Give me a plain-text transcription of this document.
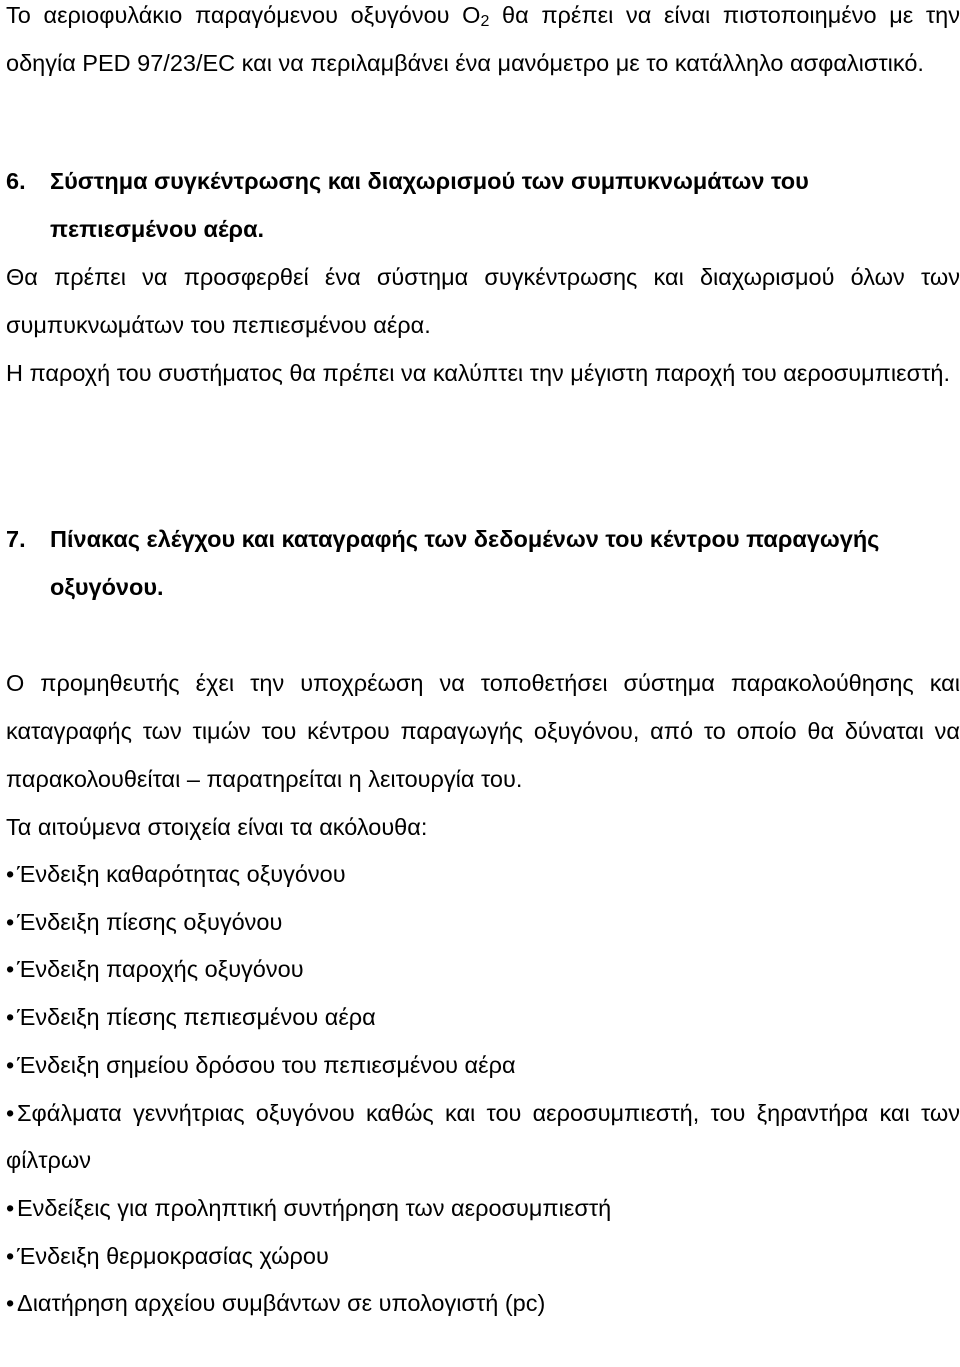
Το αεριοφυλάκιο παραγόμενου οξυγόνου $O_2$ θα πρέπει να είναι πιστοποιημένο με την οδηγία PED 97/23/EC και να περιλαμβάνει ένα μανόμετρο με το κατάλληλο ασφαλιστικό.

6. Σύστημα συγκέντρωσης και διαχωρισμού των συμπυκνωμάτων του πεπιεσμένου αέρα.

Θα πρέπει να προσφερθεί ένα σύστημα συγκέντρωσης και διαχωρισμού όλων των συμπυκνωμάτων του πεπιεσμένου αέρα.

Η παροχή του συστήματος θα πρέπει να καλύπτει την μέγιστη παροχή του αεροσυμπιεστή.

7. Πίνακας ελέγχου και καταγραφής των δεδομένων του κέντρου παραγωγής οξυγόνου.

Ο προμηθευτής έχει την υποχρέωση να τοποθετήσει σύστημα παρακολούθησης και καταγραφής των τιμών του κέντρου παραγωγής οξυγόνου, από το οποίο θα δύναται να παρακολουθείται – παρατηρείται η λειτουργία του.

Τα αιτούμενα στοιχεία είναι τα ακόλουθα:

• Ένδειξη καθαρότητας οξυγόνου
• Ένδειξη πίεσης οξυγόνου
• Ένδειξη παροχής οξυγόνου
• Ένδειξη πίεσης πεπιεσμένου αέρα
• Ένδειξη σημείου δρόσου του πεπιεσμένου αέρα
• Σφάλματα γεννήτριας οξυγόνου καθώς και του αεροσυμπιεστή, του ξηραντήρα και των φίλτρων
• Ενδείξεις για προληπτική συντήρηση των αεροσυμπιεστή
• Ένδειξη θερμοκρασίας χώρου
• Διατήρηση αρχείου συμβάντων σε υπολογιστή (pc)
